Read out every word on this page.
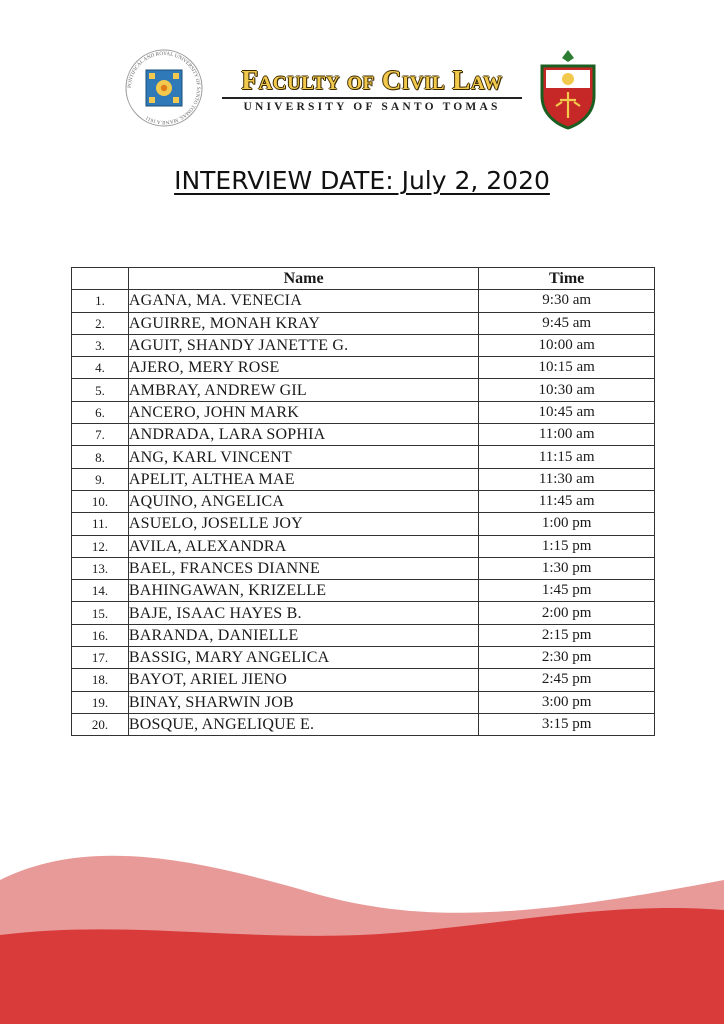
PONTIFICAL AND ROYAL UNIVERSITY OF SANTO TOMAS, MANILA 1611
Faculty of Civil Law
UNIVERSITY OF SANTO TOMAS
INTERVIEW DATE: July 2, 2020
	Name	Time
1.	AGANA, MA. VENECIA	9:30 am
2.	AGUIRRE, MONAH KRAY	9:45 am
3.	AGUIT, SHANDY JANETTE G.	10:00 am
4.	AJERO, MERY ROSE	10:15 am
5.	AMBRAY, ANDREW GIL	10:30 am
6.	ANCERO, JOHN MARK	10:45 am
7.	ANDRADA, LARA SOPHIA	11:00 am
8.	ANG, KARL VINCENT	11:15 am
9.	APELIT, ALTHEA MAE	11:30 am
10.	AQUINO, ANGELICA	11:45 am
11.	ASUELO, JOSELLE JOY	1:00 pm
12.	AVILA, ALEXANDRA	1:15 pm
13.	BAEL, FRANCES DIANNE	1:30 pm
14.	BAHINGAWAN, KRIZELLE	1:45 pm
15.	BAJE, ISAAC HAYES B.	2:00 pm
16.	BARANDA, DANIELLE	2:15 pm
17.	BASSIG, MARY ANGELICA	2:30 pm
18.	BAYOT, ARIEL JIENO	2:45 pm
19.	BINAY, SHARWIN JOB	3:00 pm
20.	BOSQUE, ANGELIQUE E.	3:15 pm
